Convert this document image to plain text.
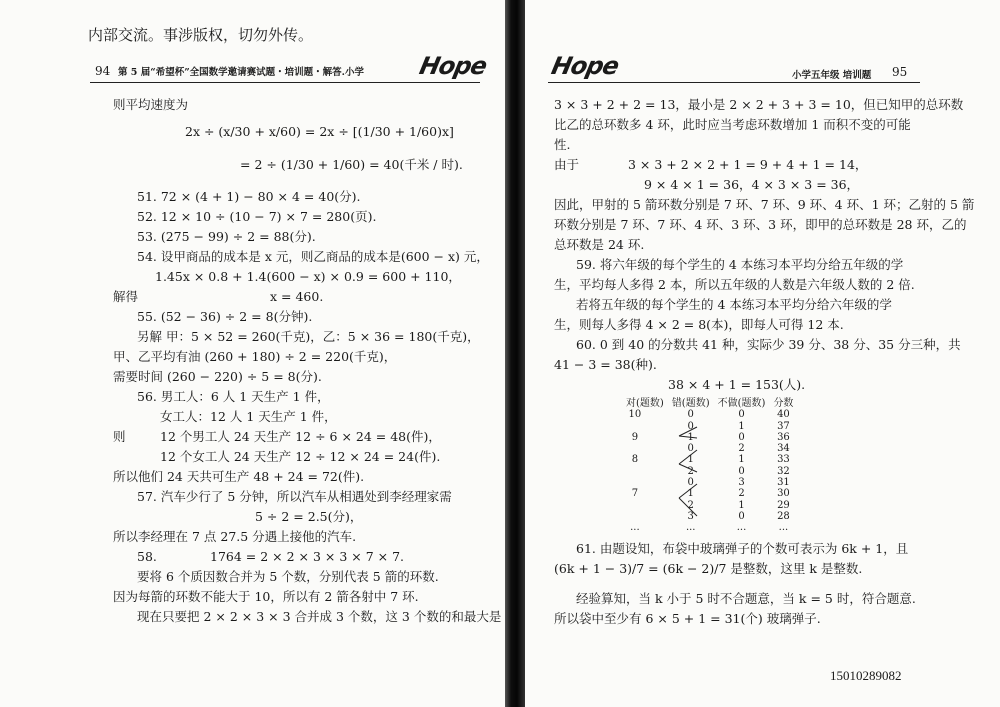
内部交流。事涉版权，切勿外传。
94 第 5 届“希望杯”全国数学邀请赛试题・培训题・解答.小学 Hope
则平均速度为
2x ÷ (x/30 + x/60) = 2x ÷ [(1/30 + 1/60)x]
= 2 ÷ (1/30 + 1/60) = 40(千米 / 时).
51. 72 × (4 + 1) − 80 × 4 = 40(分).
52. 12 × 10 ÷ (10 − 7) × 7 = 280(页).
53. (275 − 99) ÷ 2 = 88(分).
54. 设甲商品的成本是 x 元，则乙商品的成本是(600 − x) 元，
1.45x × 0.8 + 1.4(600 − x) × 0.9 = 600 + 110，
解得	x = 460.
55. (52 − 36) ÷ 2 = 8(分钟).
另解 甲：5 × 52 = 260(千克)，乙：5 × 36 = 180(千克)，
甲、乙平均有油 (260 + 180) ÷ 2 = 220(千克)，
需要时间 (260 − 220) ÷ 5 = 8(分).
56. 男工人：6 人 1 天生产 1 件，
女工人：12 人 1 天生产 1 件，
则	12 个男工人 24 天生产 12 ÷ 6 × 24 = 48(件)，
12 个女工人 24 天生产 12 ÷ 12 × 24 = 24(件).
所以他们 24 天共可生产 48 + 24 = 72(件).
57. 汽车少行了 5 分钟，所以汽车从相遇处到李经理家需
5 ÷ 2 = 2.5(分)，
所以李经理在 7 点 27.5 分遇上接他的汽车.
58.	1764 = 2 × 2 × 3 × 3 × 7 × 7.
要将 6 个质因数合并为 5 个数，分别代表 5 箭的环数.
因为每箭的环数不能大于 10，所以有 2 箭各射中 7 环.
现在只要把 2 × 2 × 3 × 3 合并成 3 个数，这 3 个数的和最大是
Hope	小学五年级 培训题 95
3 × 3 + 2 + 2 = 13，最小是 2 × 2 + 3 + 3 = 10，但已知甲的总环数
比乙的总环数多 4 环，此时应当考虑环数增加 1 而积不变的可能
性.
由于	3 × 3 + 2 × 2 + 1 = 9 + 4 + 1 = 14，
9 × 4 × 1 = 36，4 × 3 × 3 = 36，
因此，甲射的 5 箭环数分别是 7 环、7 环、9 环、4 环、1 环；乙射的 5 箭
环数分别是 7 环、7 环、4 环、3 环、3 环，即甲的总环数是 28 环，乙的
总环数是 24 环.
59. 将六年级的每个学生的 4 本练习本平均分给五年级的学
生，平均每人多得 2 本，所以五年级的人数是六年级人数的 2 倍.
若将五年级的每个学生的 4 本练习本平均分给六年级的学
生，则每人多得 4 × 2 = 8(本)，即每人可得 12 本.
60. 0 到 40 的分数共 41 种，实际少 39 分、38 分、35 分三种，共
41 − 3 = 38(种).
38 × 4 + 1 = 153(人).
对(题数)	错(题数)	不做(题数)	分数
10	0	0	40
	0	1	37
9	1	0	36
	0	2	34
8	1	1	33
	2	0	32
	0	3	31
7	1	2	30
	2	1	29
	3	0	28
...	...	...	...
61. 由题设知，布袋中玻璃弹子的个数可表示为 6k + 1，且
(6k + 1 − 3)/7 = (6k − 2)/7 是整数，这里 k 是整数.
经验算知，当 k 小于 5 时不合题意，当 k = 5 时，符合题意.
所以袋中至少有 6 × 5 + 1 = 31(个) 玻璃弹子.
15010289082
